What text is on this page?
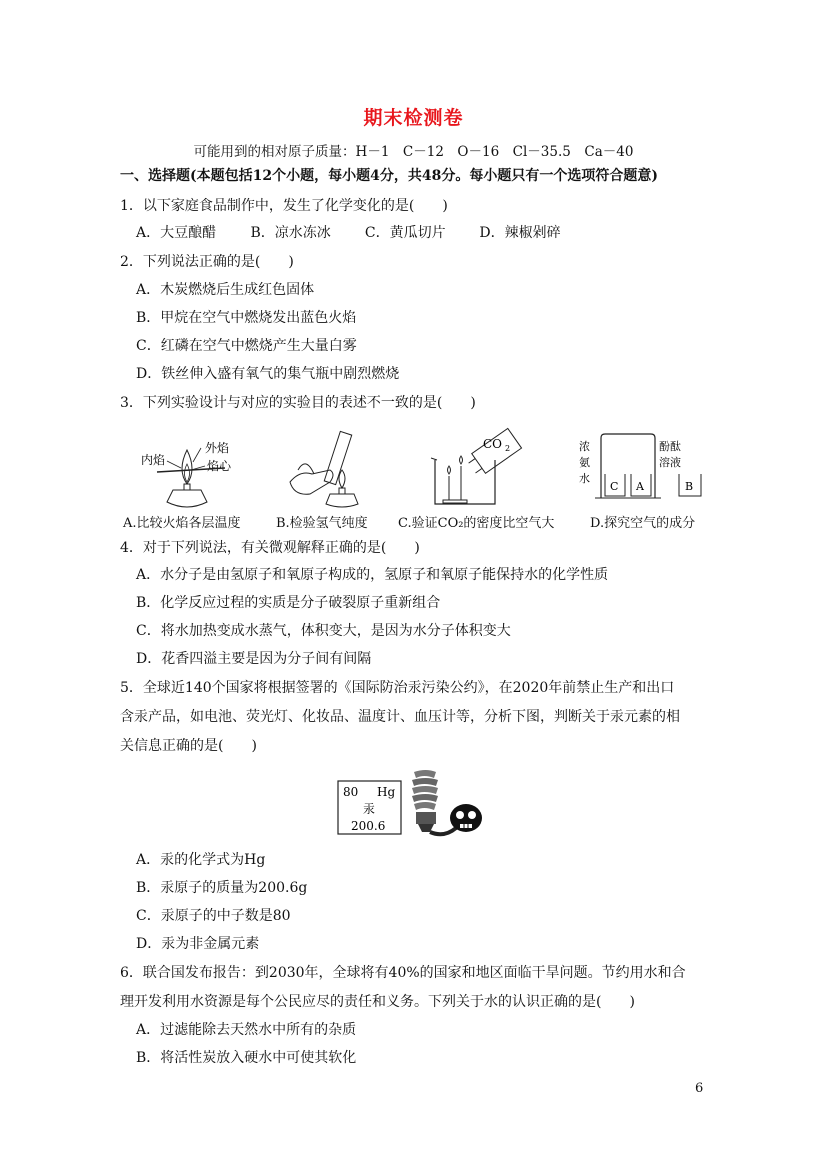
期末检测卷
可能用到的相对原子质量：H－1　C－12　O－16　Cl－35.5　Ca－40
一、选择题(本题包括12个小题，每小题4分，共48分。每小题只有一个选项符合题意)
1．以下家庭食品制作中，发生了化学变化的是(　　)
A．大豆酿醋 B．凉水冻冰 C．黄瓜切片 D．辣椒剁碎
2．下列说法正确的是(　　)
A．木炭燃烧后生成红色固体
B．甲烷在空气中燃烧发出蓝色火焰
C．红磷在空气中燃烧产生大量白雾
D．铁丝伸入盛有氧气的集气瓶中剧烈燃烧
3．下列实验设计与对应的实验目的表述不一致的是(　　)
内焰
外焰
焰心
CO 2	浓
氨
水
酚酞
溶液
C A	B
A.比较火焰各层温度	B.检验氢气纯度 C.验证CO₂的密度比空气大	D.探究空气的成分
4．对于下列说法，有关微观解释正确的是(　　)
A．水分子是由氢原子和氧原子构成的，氢原子和氧原子能保持水的化学性质
B．化学反应过程的实质是分子破裂原子重新组合
C．将水加热变成水蒸气，体积变大，是因为水分子体积变大
D．花香四溢主要是因为分子间有间隔
5．全球近140个国家将根据签署的《国际防治汞污染公约》，在2020年前禁止生产和出口
含汞产品，如电池、荧光灯、化妆品、温度计、血压计等，分析下图，判断关于汞元素的相
关信息正确的是(　　)
80 Hg
汞
200.6
A．汞的化学式为Hg
B．汞原子的质量为200.6g
C．汞原子的中子数是80
D．汞为非金属元素
6．联合国发布报告：到2030年，全球将有40%的国家和地区面临干旱问题。节约用水和合
理开发利用水资源是每个公民应尽的责任和义务。下列关于水的认识正确的是(　　)
A．过滤能除去天然水中所有的杂质
B．将活性炭放入硬水中可使其软化
6
